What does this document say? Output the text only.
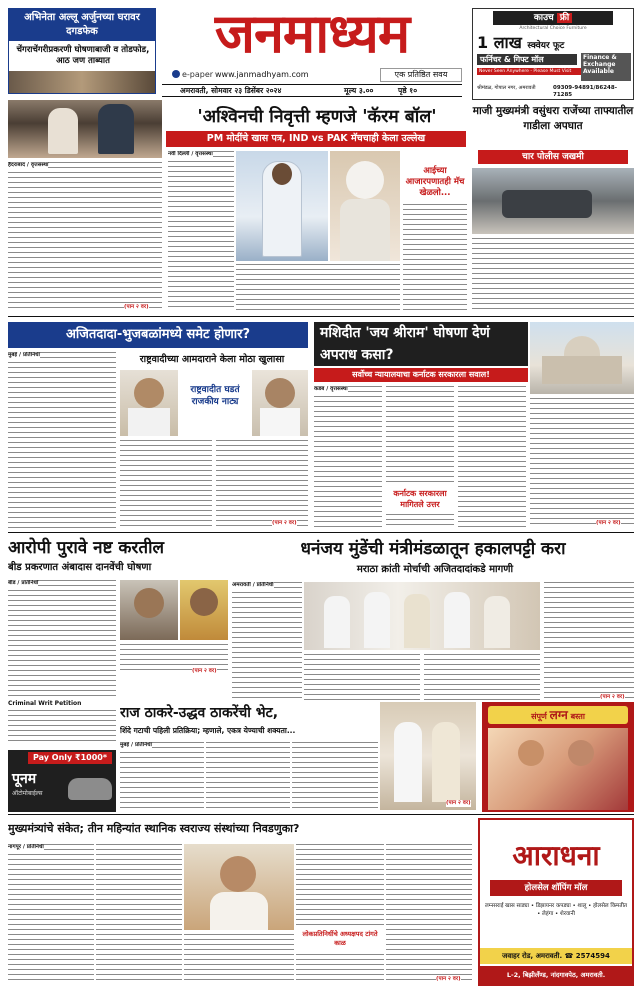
अभिनेता अल्लू अर्जुनच्या घरावर दगडफेक
चेंगराचेंगरीप्रकरणी घोषणाबाजी व तोडफोड, आठ जण ताब्यात	जनमाध्यम
e-paper www.janmadhyam.com	एक प्रतिष्ठित सवय
काउच फ्री
Architectural Choice Furniture
1 लाख स्क्वेयर फूट
फर्निचर & गिफ्ट मॉल	Finance & Exchange Available
Never Seen Anywhere - Please Must Visit
श्रीमंडळ, गोपाल नगर, अमरावती	09309-94891/86248-71285
अमरावती, सोमवार २३ डिसेंबर २०२४	मूल्य ३.००	पृष्ठे १०
हैदराबाद / वृत्तसंस्था
(पान २ वर)
'अश्विनची निवृत्ती म्हणजे 'कॅरम बॉल'
PM मोदींचे खास पत्र, IND vs PAK मॅचचाही केला उल्लेख
नवी दिल्ली / वृत्तसंस्था
आईच्या आजारपणातही मॅच खेळलो...
माजी मुख्यमंत्री वसुंधरा राजेंच्या ताफ्यातील गाडीला अपघात
चार पोलीस जखमी
अजितदादा-भुजबळांमध्ये समेट होणार?
राष्ट्रवादीच्या आमदाराने केला मोठा खुलासा
मुंबई / प्रतिनिधी
राष्ट्रवादीत घडतं राजकीय नाट्य
(पान २ वर)
मशिदीत 'जय श्रीराम' घोषणा देणं अपराध कसा?
सर्वोच्च न्यायालयाचा कर्नाटक सरकारला सवाल!
कडब / वृत्तसंस्था
कर्नाटक सरकारला मागितले उत्तर
(पान २ वर)
आरोपी पुरावे नष्ट करतील
बीड प्रकरणात अंबादास दानवेंची घोषणा
बीड / प्रतिनिधी
Criminal Writ Petition
(पान २ वर)
धनंजय मुंडेंची मंत्रीमंडळातून हकालपट्टी करा
मराठा क्रांती मोर्चाची अजितदादांकडे मागणी
अमरावती / प्रतिनिधी
(पान २ वर)
राज ठाकरे-उद्धव ठाकरेंची भेट,
शिंदे गटाची पहिली प्रतिक्रिया; म्हणाले, एकत्र येण्याची शक्यता...
मुंबई / प्रतिनिधी
(पान २ वर)
Pay Only ₹1000*
पूनम
ऑटोमोबाईल्स
संपूर्ण लग्न बस्ता
मुख्यमंत्र्यांचे संकेत; तीन महिन्यांत स्थानिक स्वराज्य संस्थांच्या निवडणुका?
नागपूर / प्रतिनिधी
लोकप्रतिनिधींचे अध्यक्षपद टांगते काळ
(पान २ वर)
आराधना
होलसेल शॉपिंग मॉल
लग्नसराई खास साड्या • डिझायनर कपड्या • शालू • होलसेल किमतीत • लेहंगा • शेरवानी
जवाहर रोड, अमरावती. ☎ 2574594
L-2, बिझीलँण्ड, नांदगावपेठ, अमरावती.
